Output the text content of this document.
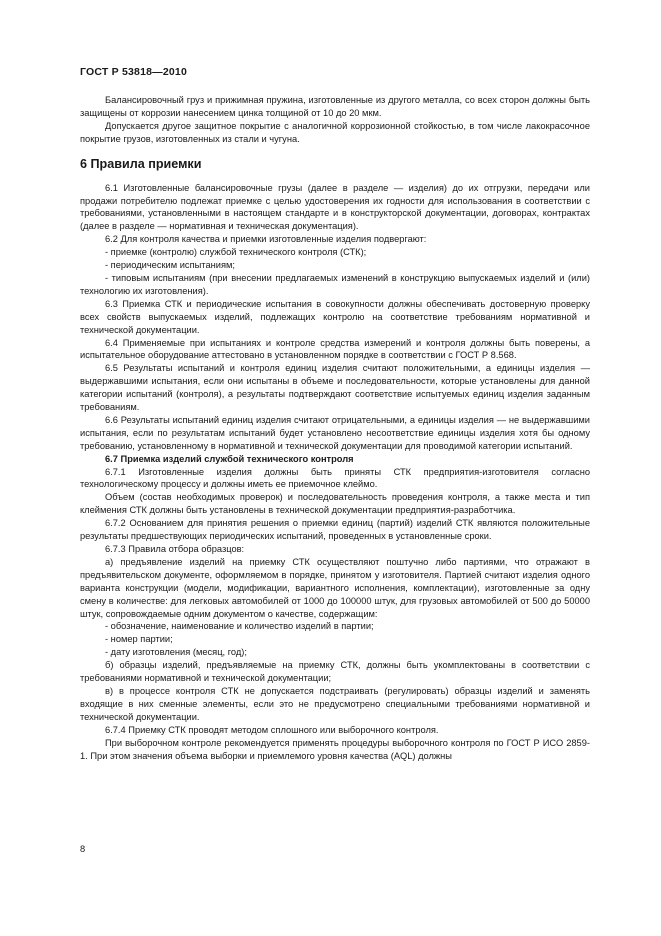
ГОСТ Р 53818—2010

Балансировочный груз и прижимная пружина, изготовленные из другого металла, со всех сторон должны быть защищены от коррозии нанесением цинка толщиной от 10 до 20 мкм.

Допускается другое защитное покрытие с аналогичной коррозионной стойкостью, в том числе лакокрасочное покрытие грузов, изготовленных из стали и чугуна.

6 Правила приемки

6.1 Изготовленные балансировочные грузы (далее в разделе — изделия) до их отгрузки, передачи или продажи потребителю подлежат приемке с целью удостоверения их годности для использования в соответствии с требованиями, установленными в настоящем стандарте и в конструкторской документации, договорах, контрактах (далее в разделе — нормативная и техническая документация).

6.2 Для контроля качества и приемки изготовленные изделия подвергают:

- приемке (контролю) службой технического контроля (СТК);

- периодическим испытаниям;

- типовым испытаниям (при внесении предлагаемых изменений в конструкцию выпускаемых изделий и (или) технологию их изготовления).

6.3 Приемка СТК и периодические испытания в совокупности должны обеспечивать достоверную проверку всех свойств выпускаемых изделий, подлежащих контролю на соответствие требованиям нормативной и технической документации.

6.4 Применяемые при испытаниях и контроле средства измерений и контроля должны быть поверены, а испытательное оборудование аттестовано в установленном порядке в соответствии с ГОСТ Р 8.568.

6.5 Результаты испытаний и контроля единиц изделия считают положительными, а единицы изделия — выдержавшими испытания, если они испытаны в объеме и последовательности, которые установлены для данной категории испытаний (контроля), а результаты подтверждают соответствие испытуемых единиц изделия заданным требованиям.

6.6 Результаты испытаний единиц изделия считают отрицательными, а единицы изделия — не выдержавшими испытания, если по результатам испытаний будет установлено несоответствие единицы изделия хотя бы одному требованию, установленному в нормативной и технической документации для проводимой категории испытаний.

6.7 Приемка изделий службой технического контроля

6.7.1 Изготовленные изделия должны быть приняты СТК предприятия-изготовителя согласно технологическому процессу и должны иметь ее приемочное клеймо.

Объем (состав необходимых проверок) и последовательность проведения контроля, а также места и тип клеймения СТК должны быть установлены в технической документации предприятия-разработчика.

6.7.2 Основанием для принятия решения о приемки единиц (партий) изделий СТК являются положительные результаты предшествующих периодических испытаний, проведенных в установленные сроки.

6.7.3 Правила отбора образцов:

а) предъявление изделий на приемку СТК осуществляют поштучно либо партиями, что отражают в предъявительском документе, оформляемом в порядке, принятом у изготовителя. Партией считают изделия одного варианта конструкции (модели, модификации, вариантного исполнения, комплектации), изготовленные за одну смену в количестве: для легковых автомобилей от 1000 до 100000 штук, для грузовых автомобилей от 500 до 50000 штук, сопровождаемые одним документом о качестве, содержащим:

- обозначение, наименование и количество изделий в партии;

- номер партии;

- дату изготовления (месяц, год);

б) образцы изделий, предъявляемые на приемку СТК, должны быть укомплектованы в соответствии с требованиями нормативной и технической документации;

в) в процессе контроля СТК не допускается подстраивать (регулировать) образцы изделий и заменять входящие в них сменные элементы, если это не предусмотрено специальными требованиями нормативной и технической документации.

6.7.4 Приемку СТК проводят методом сплошного или выборочного контроля.

При выборочном контроле рекомендуется применять процедуры выборочного контроля по ГОСТ Р ИСО 2859-1. При этом значения объема выборки и приемлемого уровня качества (AQL) должны

8
